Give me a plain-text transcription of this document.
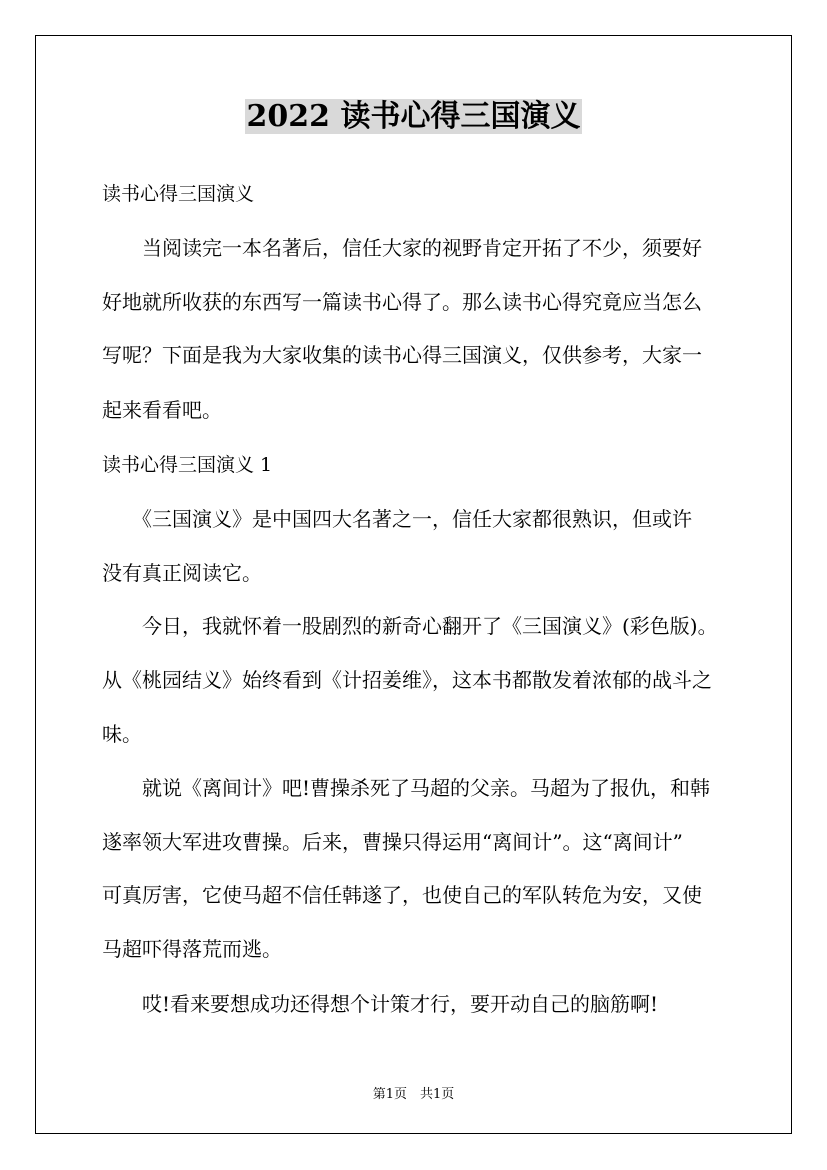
2022 读书心得三国演义

读书心得三国演义

　　当阅读完一本名著后，信任大家的视野肯定开拓了不少，须要好

好地就所收获的东西写一篇读书心得了。那么读书心得究竟应当怎么

写呢？下面是我为大家收集的读书心得三国演义，仅供参考，大家一

起来看看吧。

读书心得三国演义 1

　　《三国演义》是中国四大名著之一，信任大家都很熟识，但或许

没有真正阅读它。

　　今日，我就怀着一股剧烈的新奇心翻开了《三国演义》(彩色版)。

从《桃园结义》始终看到《计招姜维》，这本书都散发着浓郁的战斗之

味。

　　就说《离间计》吧!曹操杀死了马超的父亲。马超为了报仇，和韩

遂率领大军进攻曹操。后来，曹操只得运用“离间计”。这“离间计”

可真厉害，它使马超不信任韩遂了，也使自己的军队转危为安，又使

马超吓得落荒而逃。

　　哎!看来要想成功还得想个计策才行，要开动自己的脑筋啊!

第1页　共1页
